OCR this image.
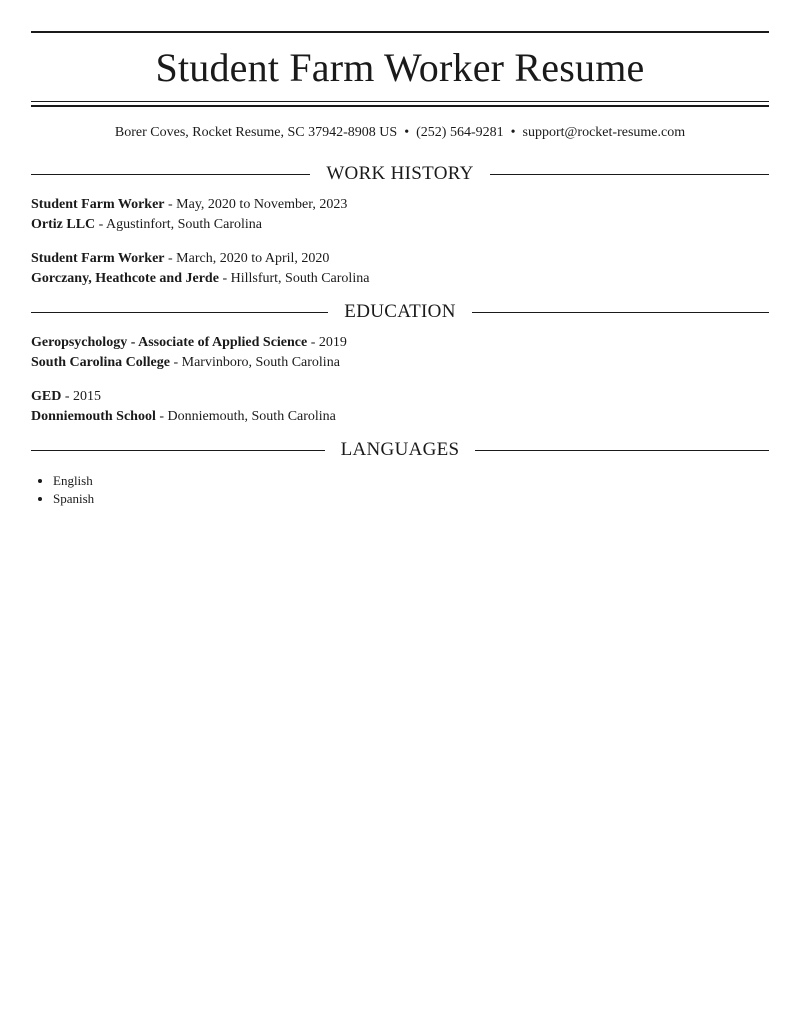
Student Farm Worker Resume
Borer Coves, Rocket Resume, SC 37942-8908 US • (252) 564-9281 • support@rocket-resume.com
WORK HISTORY
Student Farm Worker - May, 2020 to November, 2023
Ortiz LLC - Agustinfort, South Carolina
Student Farm Worker - March, 2020 to April, 2020
Gorczany, Heathcote and Jerde - Hillsfurt, South Carolina
EDUCATION
Geropsychology - Associate of Applied Science - 2019
South Carolina College - Marvinboro, South Carolina
GED - 2015
Donniemouth School - Donniemouth, South Carolina
LANGUAGES
• English
• Spanish
